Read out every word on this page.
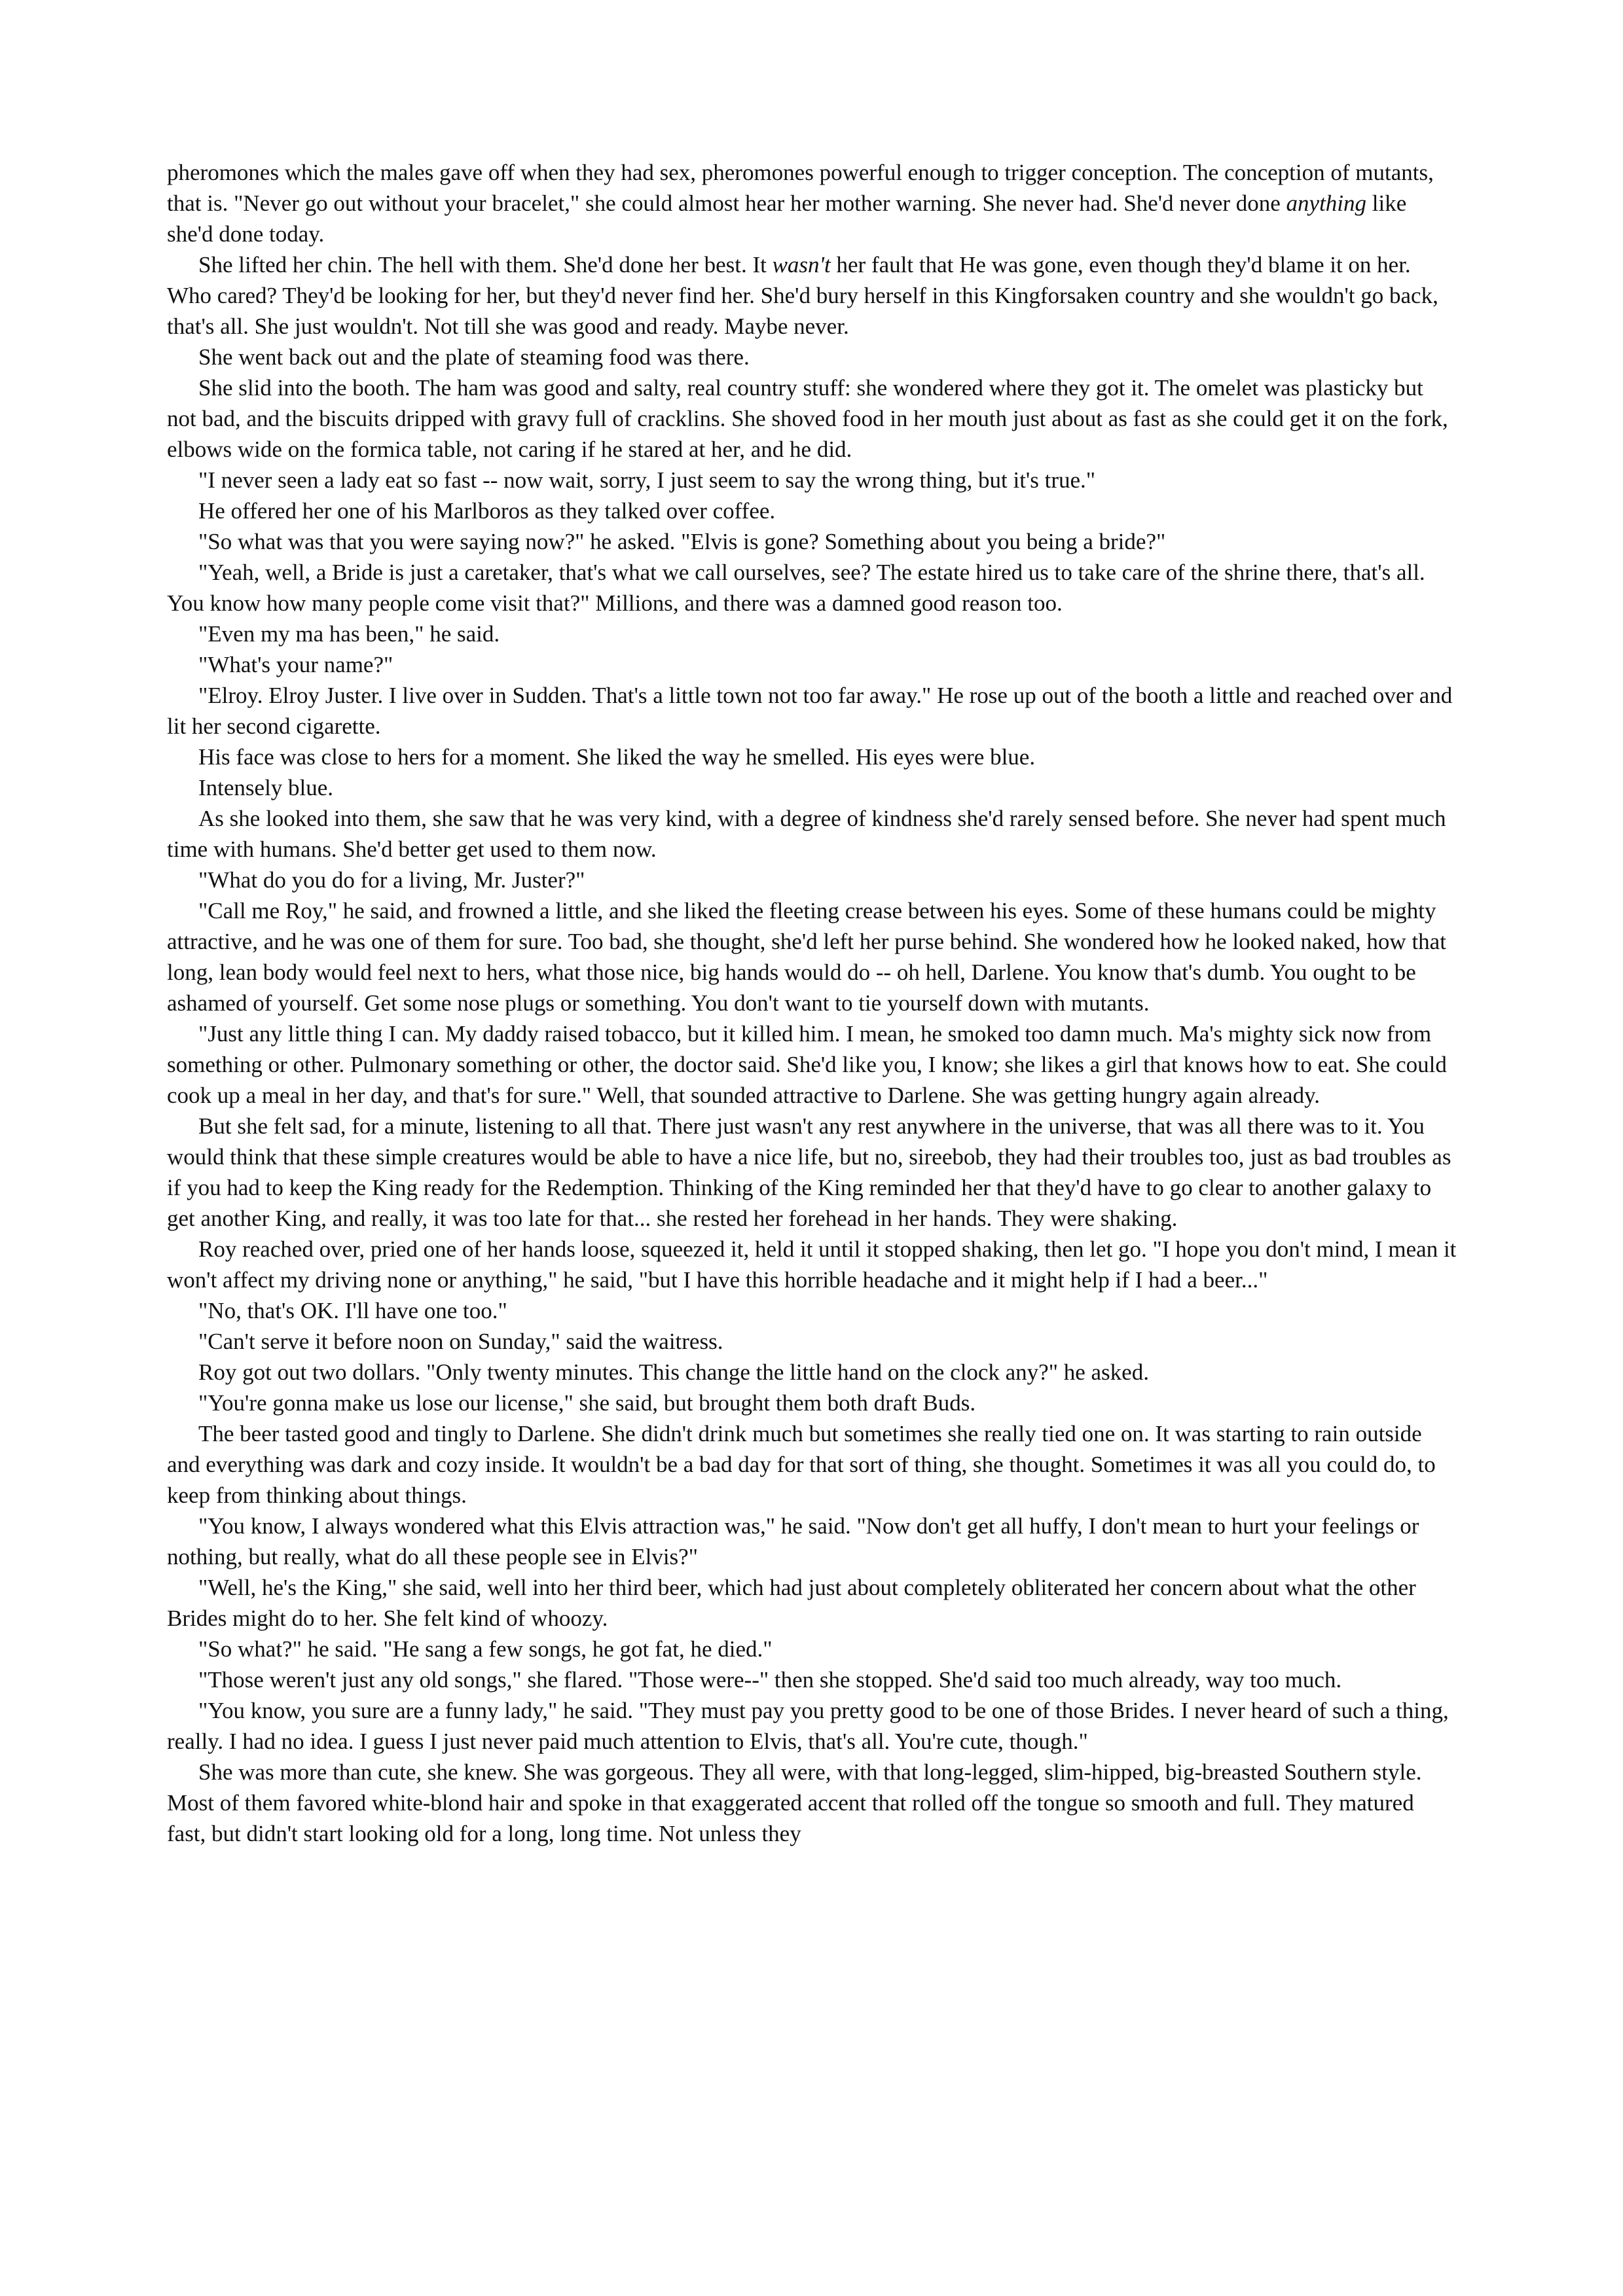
pheromones which the males gave off when they had sex, pheromones powerful enough to trigger conception. The conception of mutants, that is. "Never go out without your bracelet," she could almost hear her mother warning. She never had. She'd never done anything like she'd done today.

She lifted her chin. The hell with them. She'd done her best. It wasn't her fault that He was gone, even though they'd blame it on her. Who cared? They'd be looking for her, but they'd never find her. She'd bury herself in this Kingforsaken country and she wouldn't go back, that's all. She just wouldn't. Not till she was good and ready. Maybe never.

She went back out and the plate of steaming food was there.

She slid into the booth. The ham was good and salty, real country stuff: she wondered where they got it. The omelet was plasticky but not bad, and the biscuits dripped with gravy full of cracklins. She shoved food in her mouth just about as fast as she could get it on the fork, elbows wide on the formica table, not caring if he stared at her, and he did.

"I never seen a lady eat so fast -- now wait, sorry, I just seem to say the wrong thing, but it's true."

He offered her one of his Marlboros as they talked over coffee.

"So what was that you were saying now?" he asked. "Elvis is gone? Something about you being a bride?"

"Yeah, well, a Bride is just a caretaker, that's what we call ourselves, see? The estate hired us to take care of the shrine there, that's all. You know how many people come visit that?" Millions, and there was a damned good reason too.

"Even my ma has been," he said.

"What's your name?"

"Elroy. Elroy Juster. I live over in Sudden. That's a little town not too far away." He rose up out of the booth a little and reached over and lit her second cigarette.

His face was close to hers for a moment. She liked the way he smelled. His eyes were blue.

Intensely blue.

As she looked into them, she saw that he was very kind, with a degree of kindness she'd rarely sensed before. She never had spent much time with humans. She'd better get used to them now.

"What do you do for a living, Mr. Juster?"

"Call me Roy," he said, and frowned a little, and she liked the fleeting crease between his eyes. Some of these humans could be mighty attractive, and he was one of them for sure. Too bad, she thought, she'd left her purse behind. She wondered how he looked naked, how that long, lean body would feel next to hers, what those nice, big hands would do -- oh hell, Darlene. You know that's dumb. You ought to be ashamed of yourself. Get some nose plugs or something. You don't want to tie yourself down with mutants.

"Just any little thing I can. My daddy raised tobacco, but it killed him. I mean, he smoked too damn much. Ma's mighty sick now from something or other. Pulmonary something or other, the doctor said. She'd like you, I know; she likes a girl that knows how to eat. She could cook up a meal in her day, and that's for sure." Well, that sounded attractive to Darlene. She was getting hungry again already.

But she felt sad, for a minute, listening to all that. There just wasn't any rest anywhere in the universe, that was all there was to it. You would think that these simple creatures would be able to have a nice life, but no, sireebob, they had their troubles too, just as bad troubles as if you had to keep the King ready for the Redemption. Thinking of the King reminded her that they'd have to go clear to another galaxy to get another King, and really, it was too late for that... she rested her forehead in her hands. They were shaking.

Roy reached over, pried one of her hands loose, squeezed it, held it until it stopped shaking, then let go. "I hope you don't mind, I mean it won't affect my driving none or anything," he said, "but I have this horrible headache and it might help if I had a beer..."

"No, that's OK. I'll have one too."

"Can't serve it before noon on Sunday," said the waitress.

Roy got out two dollars. "Only twenty minutes. This change the little hand on the clock any?" he asked.

"You're gonna make us lose our license," she said, but brought them both draft Buds.

The beer tasted good and tingly to Darlene. She didn't drink much but sometimes she really tied one on. It was starting to rain outside and everything was dark and cozy inside. It wouldn't be a bad day for that sort of thing, she thought. Sometimes it was all you could do, to keep from thinking about things.

"You know, I always wondered what this Elvis attraction was," he said. "Now don't get all huffy, I don't mean to hurt your feelings or nothing, but really, what do all these people see in Elvis?"

"Well, he's the King," she said, well into her third beer, which had just about completely obliterated her concern about what the other Brides might do to her. She felt kind of whoozy.

"So what?" he said. "He sang a few songs, he got fat, he died."

"Those weren't just any old songs," she flared. "Those were--" then she stopped. She'd said too much already, way too much.

"You know, you sure are a funny lady," he said. "They must pay you pretty good to be one of those Brides. I never heard of such a thing, really. I had no idea. I guess I just never paid much attention to Elvis, that's all. You're cute, though."

She was more than cute, she knew. She was gorgeous. They all were, with that long-legged, slim-hipped, big-breasted Southern style. Most of them favored white-blond hair and spoke in that exaggerated accent that rolled off the tongue so smooth and full. They matured fast, but didn't start looking old for a long, long time. Not unless they
